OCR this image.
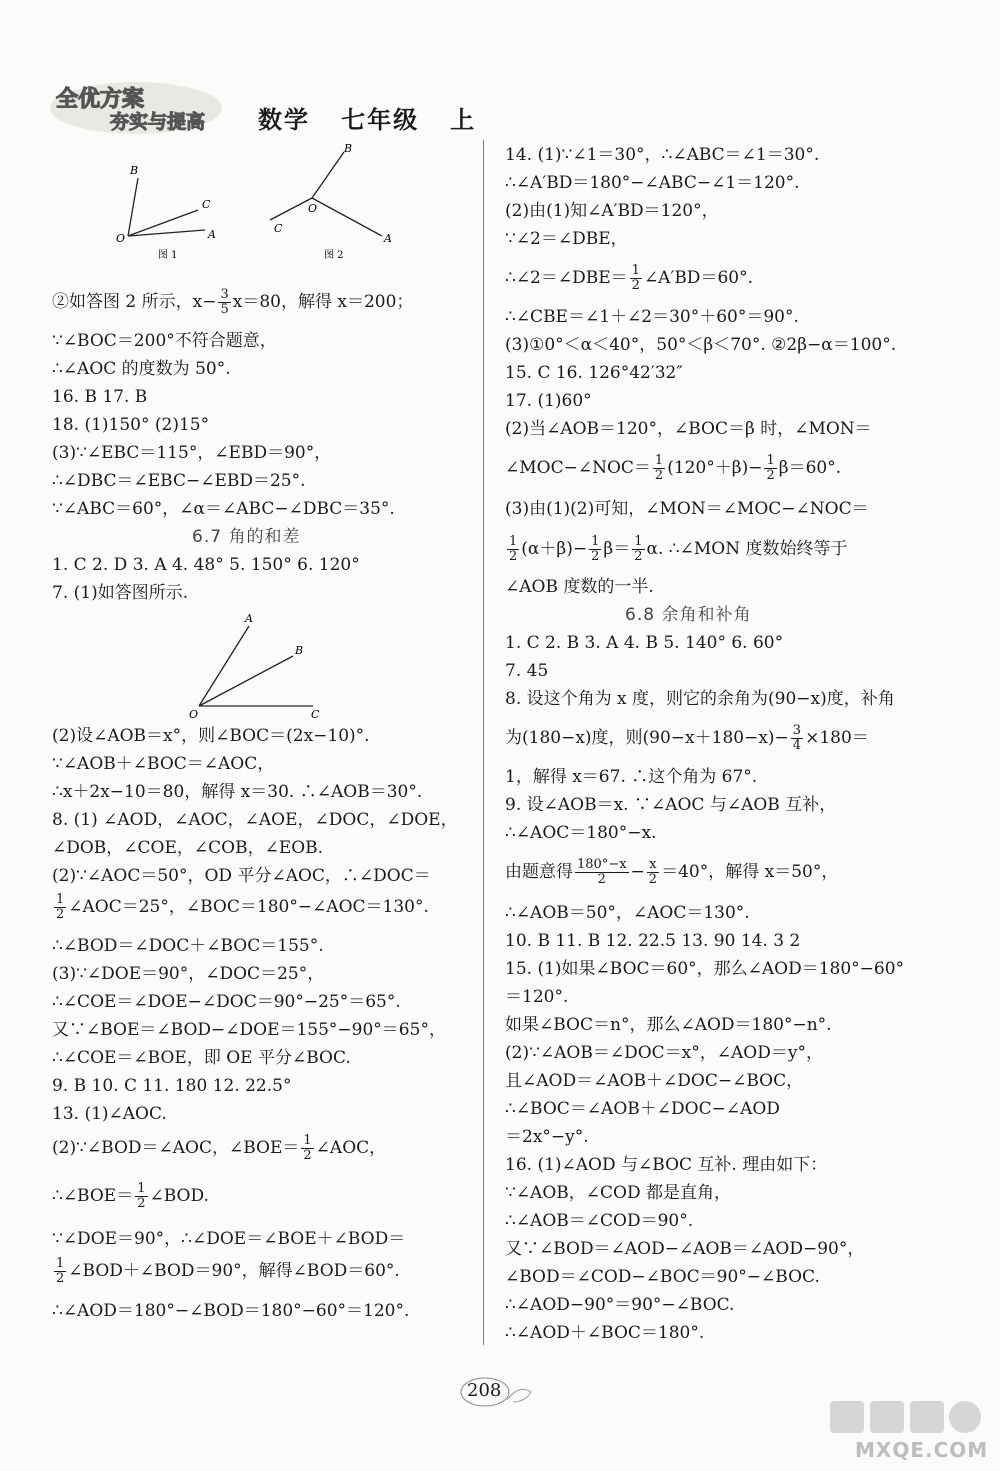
全优方案
夯实与提高 数学   七年级   上
B
C
O	A
图 1
B
O
C
A
图 2
A
B
O	C
②如答图 2 所示，$x- \frac{3}{5} x=80$，解得 x＝200；
∵∠BOC＝200°不符合题意，
∴∠AOC 的度数为 50°.
16. B 17. B
18. (1)150° (2)15°
(3)∵∠EBC＝115°，∠EBD＝90°，
∴∠DBC＝∠EBC−∠EBD＝25°.
∵∠ABC＝60°，∠α＝∠ABC−∠DBC＝35°.
6.7 角的和差
1. C 2. D 3. A 4. 48° 5. 150° 6. 120°
7. (1)如答图所示.
(2)设∠AOB＝x°，则∠BOC＝(2x−10)°.
∵∠AOB＋∠BOC＝∠AOC，
∴x＋2x−10＝80，解得 x＝30. ∴∠AOB＝30°.
8. (1) ∠AOD，∠AOC，∠AOE，∠DOC，∠DOE，
∠DOB，∠COE，∠COB，∠EOB.
(2)∵∠AOC＝50°，OD 平分∠AOC，∴∠DOC＝
$\frac{1}{2}$ ∠AOC＝25°，∠BOC＝180°−∠AOC＝130°.
∴∠BOD＝∠DOC＋∠BOC＝155°.
(3)∵∠DOE＝90°，∠DOC＝25°，
∴∠COE＝∠DOE−∠DOC＝90°−25°＝65°.
又∵∠BOE＝∠BOD−∠DOE＝155°−90°＝65°，
∴∠COE＝∠BOE，即 OE 平分∠BOC.
9. B 10. C 11. 180 12. 22.5°
13. (1)∠AOC.
(2)∵∠BOD＝∠AOC，∠BOE＝ $\frac{1}{2}$ ∠AOC，
∴∠BOE＝ $\frac{1}{2}$ ∠BOD.
∵∠DOE＝90°，∴∠DOE＝∠BOE＋∠BOD＝
$\frac{1}{2}$ ∠BOD＋∠BOD＝90°，解得∠BOD＝60°.
∴∠AOD＝180°−∠BOD＝180°−60°＝120°.
14. (1)∵∠1＝30°，∴∠ABC＝∠1＝30°.
∴∠A′BD＝180°−∠ABC−∠1＝120°.
(2)由(1)知∠A′BD＝120°，
∵∠2＝∠DBE，
∴∠2＝∠DBE＝ $\frac{1}{2}$ ∠A′BD＝60°.
∴∠CBE＝∠1＋∠2＝30°＋60°＝90°.
(3)①0°＜α＜40°，50°＜β＜70°. ②2β−α＝100°.
15. C 16. 126°42′32″
17. (1)60°
(2)当∠AOB＝120°，∠BOC＝β 时，∠MON＝
∠MOC−∠NOC＝ $\frac{1}{2} (120^\circ+\beta)- \frac{1}{2} \beta=60^\circ$.
(3)由(1)(2)可知，∠MON＝∠MOC−∠NOC＝
$\frac{1}{2} (\alpha+\beta)- \frac{1}{2} \beta= \frac{1}{2} \alpha$. ∴∠MON 度数始终等于
∠AOB 度数的一半.
6.8 余角和补角
1. C 2. B 3. A 4. B 5. 140° 6. 60°
7. 45
8. 设这个角为 x 度，则它的余角为(90−x)度，补角
为(180−x)度，则$(90-x+180-x)- \frac{3}{4} \times 180=$
1，解得 x＝67. ∴这个角为 67°.
9. 设∠AOB＝x. ∵∠AOC 与∠AOB 互补，
∴∠AOC＝180°−x.
由题意得 $\frac{180^\circ-x}{2} - \frac{x}{2} =40^\circ$，解得 x＝50°，
∴∠AOB＝50°，∠AOC＝130°.
10. B 11. B 12. 22.5 13. 90 14. 3 2
15. (1)如果∠BOC＝60°，那么∠AOD＝180°−60°
＝120°.
如果∠BOC＝n°，那么∠AOD＝180°−n°.
(2)∵∠AOB＝∠DOC＝x°，∠AOD＝y°，
且∠AOD＝∠AOB＋∠DOC−∠BOC，
∴∠BOC＝∠AOB＋∠DOC−∠AOD
＝2x°−y°.
16. (1)∠AOD 与∠BOC 互补. 理由如下：
∵∠AOB，∠COD 都是直角，
∴∠AOB＝∠COD＝90°.
又∵∠BOD＝∠AOD−∠AOB＝∠AOD−90°，
∠BOD＝∠COD−∠BOC＝90°−∠BOC.
∴∠AOD−90°＝90°−∠BOC.
∴∠AOD＋∠BOC＝180°.
208
MXQE.COM
